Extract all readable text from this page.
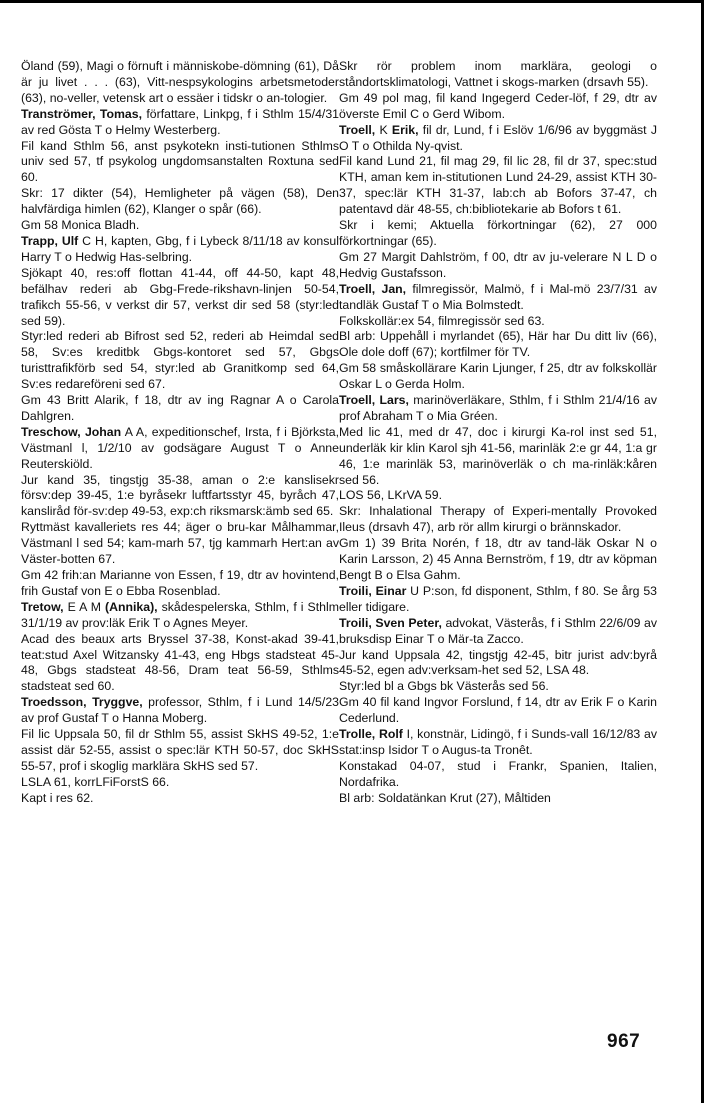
Öland (59), Magi o förnuft i människobe-dömning (61), Då är ju livet . . . (63), Vitt-nespsykologins arbetsmetoder (63), no-veller, vetensk art o essäer i tidskr o an-tologier.

Tranströmer, Tomas, författare, Linkpg, f i Sthlm 15/4/31 av red Gösta T o Helmy Westerberg.

Fil kand Sthlm 56, anst psykotekn insti-tutionen Sthlms univ sed 57, tf psykolog ungdomsanstalten Roxtuna sed 60.

Skr: 17 dikter (54), Hemligheter på vägen (58), Den halvfärdiga himlen (62), Klanger o spår (66).

Gm 58 Monica Bladh.

Trapp, Ulf C H, kapten, Gbg, f i Lybeck 8/11/18 av konsul Harry T o Hedwig Has-selbring.

Sjökapt 40, res:off flottan 41-44, off 44-50, kapt 48, befälhav rederi ab Gbg-Frede-rikshavn-linjen 50-54, trafikch 55-56, v verkst dir 57, verkst dir sed 58 (styr:led sed 59).

Styr:led rederi ab Bifrost sed 52, rederi ab Heimdal sed 58, Sv:es kreditbk Gbgs-kontoret sed 57, Gbgs turisttrafikförb sed 54, styr:led ab Granitkomp sed 64, Sv:es redareföreni sed 67.

Gm 43 Britt Alarik, f 18, dtr av ing Ragnar A o Carola Dahlgren.

Treschow, Johan A A, expeditionschef, Irsta, f i Björksta, Västmanl l, 1/2/10 av godsägare August T o Anne Reuterskiöld.

Jur kand 35, tingstjg 35-38, aman o 2:e kanslisekr försv:dep 39-45, 1:e byråsekr luftfartsstyr 45, byråch 47, kanslіråd för-sv:dep 49-53, exp:ch riksmarsk:ämb sed 65.

Ryttmäst kavalleriets res 44; äger o bru-kar Målhammar, Västmanl l sed 54; kam-marh 57, tjg kammarh Hert:an av Väster-botten 67.

Gm 42 frih:an Marianne von Essen, f 19, dtr av hovintend, frih Gustaf von E o Ebba Rosenblad.

Tretow, E A M (Annika), skådespelerska, Sthlm, f i Sthlm 31/1/19 av prov:läk Erik T o Agnes Meyer.

Acad des beaux arts Bryssel 37-38, Konst-akad 39-41, teat:stud Axel Witzansky 41-43, eng Hbgs stadsteat 45-48, Gbgs stadsteat 48-56, Dram teat 56-59, Sthlms stadsteat sed 60.

Troedsson, Tryggve, professor, Sthlm, f i Lund 14/5/23 av prof Gustaf T o Hanna Moberg.

Fil lic Uppsala 50, fil dr Sthlm 55, assist SkHS 49-52, 1:e assist där 52-55, assist o spec:lär KTH 50-57, doc SkHS 55-57, prof i skoglig marklära SkHS sed 57.

LSLA 61, korrLFiForstS 66.

Kapt i res 62.

Skr rör problem inom marklära, geologi o ståndortsklimatologi, Vattnet i skogs-marken (drsavh 55).

Gm 49 pol mag, fil kand Ingegerd Ceder-löf, f 29, dtr av överste Emil C o Gerd Wibom.

Troell, K Erik, fil dr, Lund, f i Eslöv 1/6/96 av byggmäst J O T o Othilda Ny-qvist.

Fil kand Lund 21, fil mag 29, fil lic 28, fil dr 37, spec:stud KTH, aman kem in-stitutionen Lund 24-29, assist KTH 30-37, spec:lär KTH 31-37, lab:ch ab Bofors 37-47, ch patentavd där 48-55, ch:bibliotekarie ab Bofors t 61.

Skr i kemi; Aktuella förkortningar (62), 27 000 förkortningar (65).

Gm 27 Margit Dahlström, f 00, dtr av ju-velerare N L D o Hedvig Gustafsson.

Troell, Jan, filmregissör, Malmö, f i Mal-mö 23/7/31 av tandläk Gustaf T o Mia Bolmstedt.

Folkskollär:ex 54, filmregissör sed 63.

Bl arb: Uppehåll i myrlandet (65), Här har Du ditt liv (66), Ole dole doff (67); kortfilmer för TV.

Gm 58 småskollärare Karin Ljunger, f 25, dtr av folkskollär Oskar L o Gerda Holm.

Troell, Lars, marinöverläkare, Sthlm, f i Sthlm 21/4/16 av prof Abraham T o Mia Gréen.

Med lic 41, med dr 47, doc i kirurgi Ka-rol inst sed 51, underläk kir klin Karol sjh 41-56, marinläk 2:e gr 44, 1:a gr 46, 1:e marinläk 53, marinöverläk o ch ma-rinläk:kåren sed 56.

LOS 56, LKrVA 59.

Skr: Inhalational Therapy of Experi-mentally Provoked Ileus (drsavh 47), arb rör allm kirurgi o brännskador.

Gm 1) 39 Brita Norén, f 18, dtr av tand-läk Oskar N o Karin Larsson, 2) 45 Anna Bernström, f 19, dtr av köpman Bengt B o Elsa Gahm.

Troili, Einar U P:son, fd disponent, Sthlm, f 80. Se årg 53 eller tidigare.

Troili, Sven Peter, advokat, Västerås, f i Sthlm 22/6/09 av bruksdisp Einar T o Mär-ta Zacco.

Jur kand Uppsala 42, tingstjg 42-45, bitr jurist adv:byrå 45-52, egen adv:verksam-het sed 52, LSA 48.

Styr:led bl a Gbgs bk Västerås sed 56.

Gm 40 fil kand Ingvor Forslund, f 14, dtr av Erik F o Karin Cederlund.

Trolle, Rolf I, konstnär, Lidingö, f i Sunds-vall 16/12/83 av stat:insp Isidor T o Augus-ta Tronêt.

Konstakad 04-07, stud i Frankr, Spanien, Italien, Nordafrika.

Bl arb: Soldatänkan Krut (27), Måltiden

967
